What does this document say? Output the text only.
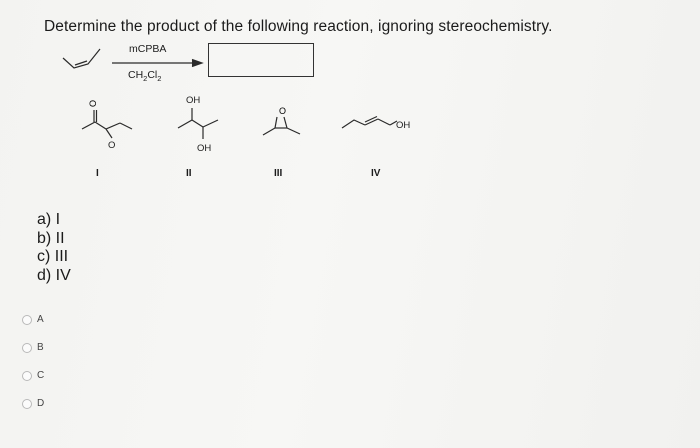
Determine the product of the following reaction, ignoring stereochemistry.
mCPBA
$CH_2Cl_2$
O
O
OH
OH
O
OH
I	II	III	IV
a) I
b) II
c) III
d) IV
A
B
C
D
